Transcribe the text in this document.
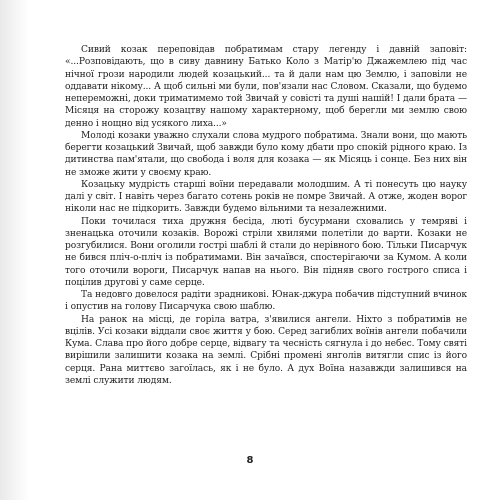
Сивий козак переповідав побратимам стару легенду і давній заповіт: «...Розповідають, що в сиву давнину Батько Коло з Матір'ю Джажемлею під час нічної грози народили людей козацький... та й дали нам цю Землю, і заповіли не оддавати нікому... А щоб сильні ми були, пов'язали нас Словом. Сказали, що будемо непереможні, доки триматимемо той Звичай у совісті та душі нашій! І дали брата — Місяця на сторожу козацтву нашому характерному, щоб берегли ми землю свою денно і нощно від усякого лиха...»

Молоді козаки уважно слухали слова мудрого побратима. Знали вони, що мають берегти козацький Звичай, щоб завжди було кому дбати про спокій рідного краю. Із дитинства пам'ятали, що свобода і воля для козака — як Місяць і сонце. Без них він не зможе жити у своєму краю.

Козацьку мудрість старші воїни передавали молодшим. А ті понесуть цю науку далі у світ. І навіть через багато сотень років не помре Звичай. А отже, жоден ворог ніколи нас не підкорить. Завжди будемо вільними та незалежними.

Поки точилася тиха дружня бесіда, люті бусурмани сховались у темряві і зненацька оточили козаків. Ворожі стріли хвилями полетіли до варти. Козаки не розгубилися. Вони оголили гострі шаблі й стали до нерівного бою. Тільки Писарчук не бився пліч-о-пліч із побратимами. Він зачаївся, спостерігаючи за Кумом. А коли того оточили вороги, Писарчук напав на нього. Він підняв свого гострого списа і поцілив другові у саме серце.

Та недовго довелося радіти зрадникові. Юнак-джура побачив підступний вчинок і опустив на голову Писарчука свою шаблю.

На ранок на місці, де горіла ватра, з'явилися ангели. Ніхто з побратимів не вцілів. Усі козаки віддали своє життя у бою. Серед загиблих воїнів ангели побачили Кума. Слава про його добре серце, відвагу та чесність сягнула і до небес. Тому святі вирішили залишити козака на землі. Срібні промені янголів витягли спис із його серця. Рана миттєво загоїлась, як і не було. А дух Воїна назавжди залишився на землі служити людям.

8
